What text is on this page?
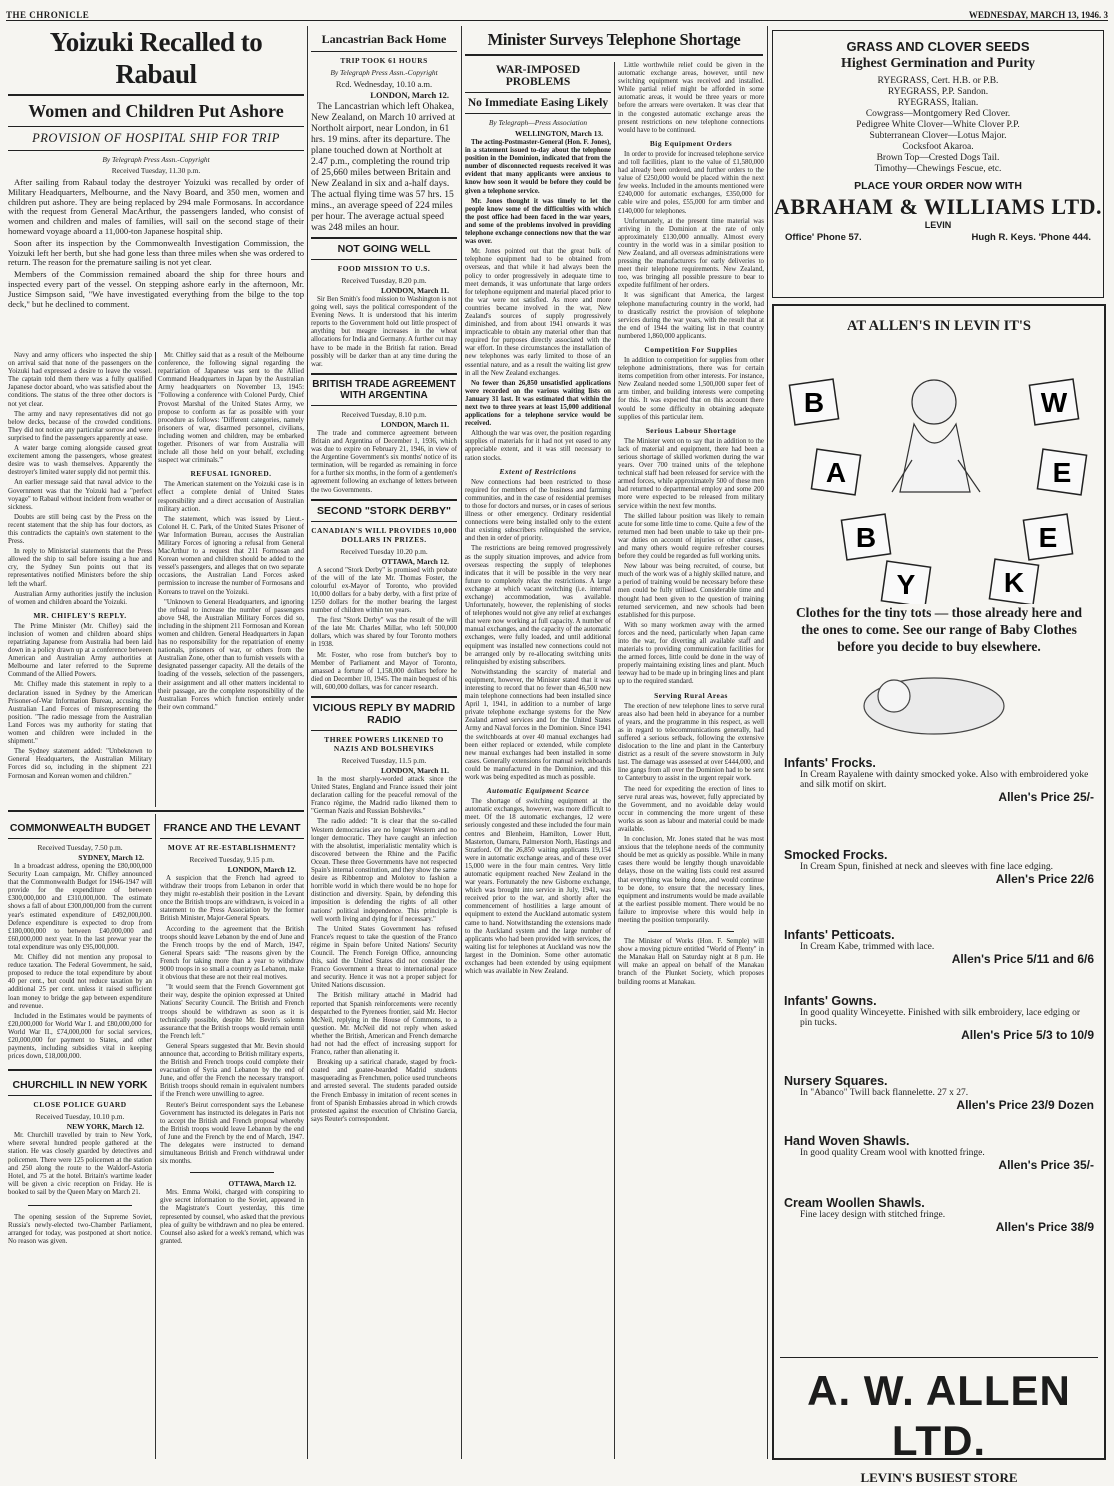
THE CHRONICLE	WEDNESDAY, MARCH 13, 1946. 3
Yoizuki Recalled to Rabaul
Women and Children Put Ashore
PROVISION OF HOSPITAL SHIP FOR TRIP
By Telegraph Press Assn.-Copyright
Received Tuesday, 11.30 p.m.

After sailing from Rabaul today the destroyer Yoizuki was recalled by order of Military Headquarters, Melbourne, and the Navy Board, and 350 men, women and children put ashore. They are being replaced by 294 male Formosans. In accordance with the request from General MacArthur, the passengers landed, who consist of women and children and males of families, will sail on the second stage of their homeward voyage aboard a 11,000-ton Japanese hospital ship.

Soon after its inspection by the Commonwealth Investigation Commission, the Yoizuki left her berth, but she had gone less than three miles when she was ordered to return. The reason for the premature sailing is not yet clear.

Members of the Commission remained aboard the ship for three hours and inspected every part of the vessel. On stepping ashore early in the afternoon, Mr. Justice Simpson said, "We have investigated everything from the bilge to the top deck," but he declined to comment.

Navy and army officers who inspected the ship on arrival said that none of the passengers on the Yoizuki had expressed a desire to leave the vessel. The captain told them there was a fully qualified Japanese doctor aboard, who was satisfied about the conditions. The status of the three other doctors is not yet clear.

The army and navy representatives did not go below decks, because of the crowded conditions. They did not notice any particular sorrow and were surprised to find the passengers apparently at ease.

A water barge coming alongside caused great excitement among the passengers, whose greatest desire was to wash themselves. Apparently the destroyer's limited water supply did not permit this.

An earlier message said that naval advice to the Government was that the Yoizuki had a "perfect voyage" to Rabaul without incident from weather or sickness.

Doubts are still being cast by the Press on the recent statement that the ship has four doctors, as this contradicts the captain's own statement to the Press.

In reply to Ministerial statements that the Press allowed the ship to sail before issuing a hue and cry, the Sydney Sun points out that its representatives notified Ministers before the ship left the wharf.

Australian Army authorities justify the inclusion of women and children aboard the Yoizuki.

MR. CHIFLEY'S REPLY.

The Prime Minister (Mr. Chifley) said the inclusion of women and children aboard ships repatriating Japanese from Australia had been laid down in a policy drawn up at a conference between American and Australian Army authorities at Melbourne and later referred to the Supreme Command of the Allied Powers.

Mr. Chifley made this statement in reply to a declaration issued in Sydney by the American Prisoner-of-War Information Bureau, accusing the Australian Land Forces of misrepresenting the position. "The radio message from the Australian Land Forces was my authority for stating that women and children were included in the shipment."

The Sydney statement added: "Unbeknown to General Headquarters, the Australian Military Forces did so, including in the shipment 221 Formosan and Korean women and children."

Mr. Chifley said that as a result of the Melbourne conference, the following signal regarding the repatriation of Japanese was sent to the Allied Command Headquarters in Japan by the Australian Army headquarters on November 13, 1945: "Following a conference with Colonel Purdy, Chief Provost Marshal of the United States Army, we propose to conform as far as possible with your procedure as follows: 'Different categories, namely prisoners of war, disarmed personnel, civilians, including women and children, may be embarked together. Prisoners of war from Australia will include all those held on your behalf, excluding suspect war criminals.'"

REFUSAL IGNORED.

The American statement on the Yoizuki case is in effect a complete denial of United States responsibility and a direct accusation of Australian military action.

The statement, which was issued by Lieut.-Colonel H. C. Park, of the United States Prisoner of War Information Bureau, accuses the Australian Military Forces of ignoring a refusal from General MacArthur to a request that 211 Formosan and Korean women and children should be added to the vessel's passengers, and alleges that on two separate occasions, the Australian Land Forces asked permission to increase the number of Formosans and Koreans to travel on the Yoizuki.

"Unknown to General Headquarters, and ignoring the refusal to increase the number of passengers above 948, the Australian Military Forces did so, including in the shipment 211 Formosan and Korean women and children. General Headquarters in Japan has no responsibility for the repatriation of enemy nationals, prisoners of war, or others from the Australian Zone, other than to furnish vessels with a designated passenger capacity. All the details of the loading of the vessels, selection of the passengers, their assignment and all other matters incidental to their passage, are the complete responsibility of the Australian Forces which function entirely under their own command."

COMMONWEALTH BUDGET
Received Tuesday, 7.50 p.m.
SYDNEY, March 12.

In a broadcast address, opening the £80,000,000 Security Loan campaign, Mr. Chifley announced that the Commonwealth Budget for 1946-1947 will provide for the expenditure of between £300,000,000 and £310,000,000. The estimate shows a fall of about £300,000,000 from the current year's estimated expenditure of £492,000,000. Defence expenditure is expected to drop from £180,000,000 to between £40,000,000 and £60,000,000 next year. In the last prewar year the total expenditure was only £95,000,000.

Mr. Chifley did not mention any proposal to reduce taxation. The Federal Government, he said, proposed to reduce the total expenditure by about 40 per cent., but could not reduce taxation by an additional 25 per cent. unless it raised sufficient loan money to bridge the gap between expenditure and revenue.

Included in the Estimates would be payments of £20,000,000 for World War I. and £80,000,000 for World War II., £74,000,000 for social services, £20,000,000 for payment to States, and other payments, including subsidies vital in keeping prices down, £18,000,000.

CHURCHILL IN NEW YORK
CLOSE POLICE GUARD
Received Tuesday, 10.10 p.m.
NEW YORK, March 12.

Mr. Churchill travelled by train to New York, where several hundred people gathered at the station. He was closely guarded by detectives and policemen. There were 125 policemen at the station and 250 along the route to the Waldorf-Astoria Hotel, and 75 at the hotel. Britain's wartime leader will be given a civic reception on Friday. He is booked to sail by the Queen Mary on March 21.

The opening session of the Supreme Soviet, Russia's newly-elected two-Chamber Parliament, arranged for today, was postponed at short notice. No reason was given.

FRANCE AND THE LEVANT
MOVE AT RE-ESTABLISHMENT?
Received Tuesday, 9.15 p.m.
LONDON, March 12.

A suspicion that the French had agreed to withdraw their troops from Lebanon in order that they might re-establish their position in the Levant once the British troops are withdrawn, is voiced in a statement to the Press Association by the former British Minister, Major-General Spears.

According to the agreement that the British troops should leave Lebanon by the end of June and the French troops by the end of March, 1947, General Spears said: "The reasons given by the French for taking more than a year to withdraw 9000 troops in so small a country as Lebanon, make it obvious that these are not their real motives.

"It would seem that the French Government got their way, despite the opinion expressed at United Nations' Security Council. The British and French troops should be withdrawn as soon as it is technically possible, despite Mr. Bevin's solemn assurance that the British troops would remain until the French left."

General Spears suggested that Mr. Bevin should announce that, according to British military experts, the British and French troops could complete their evacuation of Syria and Lebanon by the end of June, and offer the French the necessary transport. British troops should remain in equivalent numbers if the French were unwilling to agree.

Reuter's Beirut correspondent says the Lebanese Government has instructed its delegates in Paris not to accept the British and French proposal whereby the British troops would leave Lebanon by the end of June and the French by the end of March, 1947. The delegates were instructed to demand simultaneous British and French withdrawal under six months.

OTTAWA, March 12.

Mrs. Emma Woiki, charged with conspiring to give secret information to the Soviet, appeared in the Magistrate's Court yesterday, this time represented by counsel, who asked that the previous plea of guilty be withdrawn and no plea be entered. Counsel also asked for a week's remand, which was granted.

Lancastrian Back Home
TRIP TOOK 61 HOURS
By Telegraph Press Assn.-Copyright
Rcd. Wednesday, 10.10 a.m.
LONDON, March 12.

The Lancastrian which left Ohakea, New Zealand, on March 10 arrived at Northolt airport, near London, in 61 hrs. 19 mins. after its departure. The plane touched down at Northolt at 2.47 p.m., completing the round trip of 25,660 miles between Britain and New Zealand in six and a-half days. The actual flying time was 57 hrs. 15 mins., an average speed of 224 miles per hour. The average actual speed was 248 miles an hour.

NOT GOING WELL
FOOD MISSION TO U.S.
Received Tuesday, 8.20 p.m.
LONDON, March 11.

Sir Ben Smith's food mission to Washington is not going well, says the political correspondent of the Evening News. It is understood that his interim reports to the Government hold out little prospect of anything but meagre increases in the wheat allocations for India and Germany. A further cut may have to be made in the British fat ration. Bread possibly will be darker than at any time during the war.

BRITISH TRADE AGREEMENT WITH ARGENTINA
Received Tuesday, 8.10 p.m.
LONDON, March 11.

The trade and commerce agreement between Britain and Argentina of December 1, 1936, which was due to expire on February 21, 1946, in view of the Argentine Government's six months' notice of its termination, will be regarded as remaining in force for a further six months, in the form of a gentlemen's agreement following an exchange of letters between the two Governments.

SECOND "STORK DERBY"
CANADIAN'S WILL PROVIDES 10,000 DOLLARS IN PRIZES.
Received Tuesday 10.20 p.m.
OTTAWA, March 12.

A second "Stork Derby" is promised with probate of the will of the late Mr. Thomas Foster, the colourful ex-Mayor of Toronto, who provided 10,000 dollars for a baby derby, with a first prize of 1250 dollars for the mother bearing the largest number of children within ten years.

The first "Stork Derby" was the result of the will of the late Mr. Charles Millar, who left 500,000 dollars, which was shared by four Toronto mothers in 1938.

Mr. Foster, who rose from butcher's boy to Member of Parliament and Mayor of Toronto, amassed a fortune of 1,158,000 dollars before he died on December 10, 1945. The main bequest of his will, 600,000 dollars, was for cancer research.

VICIOUS REPLY BY MADRID RADIO
THREE POWERS LIKENED TO NAZIS AND BOLSHEVIKS
Received Tuesday, 11.5 p.m.
LONDON, March 11.

In the most sharply-worded attack since the United States, England and France issued their joint declaration calling for the peaceful removal of the Franco régime, the Madrid radio likened them to "German Nazis and Russian Bolsheviks."

The radio added: "It is clear that the so-called Western democracies are no longer Western and no longer democratic. They have caught an infection with the absolutist, imperialistic mentality which is discovered between the Rhine and the Pacific Ocean. These three Governments have not respected Spain's internal constitution, and they show the same desire as Ribbentrop and Molotov to fashion a horrible world in which there would be no hope for distinction and diversity. Spain, by defending this imposition is defending the rights of all other nations' political independence. This principle is well worth living and dying for if necessary."

The United States Government has refused France's request to take the question of the Franco régime in Spain before United Nations' Security Council. The French Foreign Office, announcing this, said the United States did not consider the Franco Government a threat to international peace and security. Hence it was not a proper subject for United Nations discussion.

The British military attaché in Madrid had reported that Spanish reinforcements were recently despatched to the Pyrenees frontier, said Mr. Hector McNeil, replying in the House of Commons, to a question. Mr. McNeil did not reply when asked whether the British, American and French demarche had not had the effect of increasing support for Franco, rather than alienating it.

Breaking up a satirical charade, staged by frock-coated and goatee-bearded Madrid students masquerading as Frenchmen, police used truncheons and arrested several. The students paraded outside the French Embassy in imitation of recent scenes in front of Spanish Embassies abroad in which crowds protested against the execution of Christino Garcia, says Reuter's correspondent.

Minister Surveys Telephone Shortage
WAR-IMPOSED PROBLEMS
No Immediate Easing Likely
By Telegraph—Press Association
WELLINGTON, March 13.

The acting-Postmaster-General (Hon. F. Jones), in a statement issued to-day about the telephone position in the Dominion, indicated that from the number of disconnected requests received it was evident that many applicants were anxious to know how soon it would be before they could be given a telephone service.

Mr. Jones thought it was timely to let the people know some of the difficulties with which the post office had been faced in the war years, and some of the problems involved in providing telephone exchange connections now that the war was over.

Mr. Jones pointed out that the great bulk of telephone equipment had to be obtained from overseas, and that while it had always been the policy to order progressively in adequate time to meet demands, it was unfortunate that large orders for telephone equipment and material placed prior to the war were not satisfied. As more and more countries became involved in the war, New Zealand's sources of supply progressively diminished, and from about 1941 onwards it was impracticable to obtain any material other than that required for purposes directly associated with the war effort. In these circumstances the installation of new telephones was early limited to those of an essential nature, and as a result the waiting list grew in all the New Zealand exchanges.

No fewer than 26,850 unsatisfied applications were recorded on the various waiting lists on January 31 last. It was estimated that within the next two to three years at least 15,000 additional applications for a telephone service would be received.

Although the war was over, the position regarding supplies of materials for it had not yet eased to any appreciable extent, and it was still necessary to ration stocks.

Extent of Restrictions

New connections had been restricted to those required for members of the business and farming communities, and in the case of residential premises to those for doctors and nurses, or in cases of serious illness or other emergency. Ordinary residential connections were being installed only to the extent that existing subscribers relinquished the service, and then in order of priority.

The restrictions are being removed progressively as the supply situation improves, and advice from overseas respecting the supply of telephones indicates that it will be possible in the very near future to completely relax the restrictions. A large exchange at which vacant switching (i.e. internal exchange) accommodation, was available. Unfortunately, however, the replenishing of stocks of telephones would not give any relief at exchanges that were now working at full capacity. A number of manual exchanges, and the capacity of the automatic exchanges, were fully loaded, and until additional equipment was installed new connections could not be arranged only by re-allocating switching units relinquished by existing subscribers.

Notwithstanding the scarcity of material and equipment, however, the Minister stated that it was interesting to record that no fewer than 46,500 new main telephone connections had been installed since April 1, 1941, in addition to a number of large private telephone exchange systems for the New Zealand armed services and for the United States Army and Naval forces in the Dominion. Since 1941 the switchboards at over 40 manual exchanges had been either replaced or extended, while complete new manual exchanges had been installed in some cases. Generally extensions for manual switchboards could be manufactured in the Dominion, and this work was being expedited as much as possible.

Automatic Equipment Scarce

The shortage of switching equipment at the automatic exchanges, however, was more difficult to meet. Of the 18 automatic exchanges, 12 were seriously congested and these included the four main centres and Blenheim, Hamilton, Lower Hutt, Masterton, Oamaru, Palmerston North, Hastings and Stratford. Of the 26,850 waiting applicants 19,154 were in automatic exchange areas, and of these over 15,000 were in the four main centres. Very little automatic equipment reached New Zealand in the war years. Fortunately the new Gisborne exchange, which was brought into service in July, 1941, was received prior to the war, and shortly after the commencement of hostilities a large amount of equipment to extend the Auckland automatic system came to hand. Notwithstanding the extensions made to the Auckland system and the large number of applicants who had been provided with services, the waiting list for telephones at Auckland was now the largest in the Dominion. Some other automatic exchanges had been extended by using equipment which was available in New Zealand.

Little worthwhile relief could be given in the automatic exchange areas, however, until new switching equipment was received and installed. While partial relief might be afforded in some automatic areas, it would be three years or more before the arrears were overtaken. It was clear that in the congested automatic exchange areas the present restrictions on new telephone connections would have to be continued.

Big Equipment Orders

In order to provide for increased telephone service and toll facilities, plant to the value of £1,580,000 had already been ordered, and further orders to the value of £250,000 would be placed within the next few weeks. Included in the amounts mentioned were £240,000 for automatic exchanges, £350,000 for cable wire and poles, £55,000 for arm timber and £140,000 for telephones.

Unfortunately, at the present time material was arriving in the Dominion at the rate of only approximately £130,000 annually. Almost every country in the world was in a similar position to New Zealand, and all overseas administrations were pressing the manufacturers for early deliveries to meet their telephone requirements. New Zealand, too, was bringing all possible pressure to bear to expedite fulfilment of her orders.

It was significant that America, the largest telephone manufacturing country in the world, had to drastically restrict the provision of telephone services during the war years, with the result that at the end of 1944 the waiting list in that country numbered 1,860,000 applicants.

Competition For Supplies

In addition to competition for supplies from other telephone administrations, there was for certain items competition from other interests. For instance, New Zealand needed some 1,500,000 super feet of arm timber, and building interests were competing for this. It was expected that on this account there would be some difficulty in obtaining adequate supplies of this particular item.

Serious Labour Shortage

The Minister went on to say that in addition to the lack of material and equipment, there had been a serious shortage of skilled workmen during the war years. Over 700 trained units of the telephone technical staff had been released for service with the armed forces, while approximately 500 of these men had returned to departmental employ and some 200 more were expected to be released from military service within the next few months.

The skilled labour position was likely to remain acute for some little time to come. Quite a few of the returned men had been unable to take up their pre-war duties on account of injuries or other causes, and many others would require refresher courses before they could be regarded as full working units.

New labour was being recruited, of course, but much of the work was of a highly skilled nature, and a period of training would be necessary before these men could be fully utilised. Considerable time and thought had been given to the question of training returned servicemen, and new schools had been established for this purpose.

With so many workmen away with the armed forces and the need, particularly when Japan came into the war, for diverting all available staff and materials to providing communication facilities for the armed forces, little could be done in the way of properly maintaining existing lines and plant. Much leeway had to be made up in bringing lines and plant up to the required standard.

Serving Rural Areas

The erection of new telephone lines to serve rural areas also had been held in abeyance for a number of years, and the programme in this respect, as well as in regard to telecommunications generally, had suffered a serious setback, following the extensive dislocation to the line and plant in the Canterbury district as a result of the severe snowstorm in July last. The damage was assessed at over £444,000, and line gangs from all over the Dominion had to be sent to Canterbury to assist in the urgent repair work.

The need for expediting the erection of lines to serve rural areas was, however, fully appreciated by the Government, and no avoidable delay would occur in commencing the more urgent of these works as soon as labour and material could be made available.

In conclusion, Mr. Jones stated that he was most anxious that the telephone needs of the community should be met as quickly as possible. While in many cases there would be lengthy though unavoidable delays, those on the waiting lists could rest assured that everything was being done, and would continue to be done, to ensure that the necessary lines, equipment and instruments would be made available at the earliest possible moment. There would be no failure to improvise where this would help in meeting the position temporarily.

The Minister of Works (Hon. F. Semple) will show a moving picture entitled "World of Plenty" in the Manakau Hall on Saturday night at 8 p.m. He will make an appeal on behalf of the Manakau branch of the Plunket Society, which proposes building rooms at Manakau.

GRASS AND CLOVER SEEDS
Highest Germination and Purity
RYEGRASS, Cert. H.B. or P.B.
RYEGRASS, P.P. Sandon.
RYEGRASS, Italian.
Cowgrass—Montgomery Red Clover.
Pedigree White Clover—White Clover P.P.
Subterranean Clover—Lotus Major.
Cocksfoot Akaroa.
Brown Top—Crested Dogs Tail.
Timothy—Chewings Fescue, etc.
PLACE YOUR ORDER NOW WITH
ABRAHAM & WILLIAMS LTD.
LEVIN
Office' Phone 57.	Hugh R. Keys. 'Phone 444.
AT ALLEN'S IN LEVIN IT'S
B
A
B
Y
W
E
E
K
Clothes for the tiny tots — those already here and the ones to come. See our range of Baby Clothes before you decide to buy elsewhere.
Infants' Frocks.
In Cream Rayalene with dainty smocked yoke. Also with embroidered yoke and silk motif on skirt.
Allen's Price 25/-
Smocked Frocks.
In Cream Spun, finished at neck and sleeves with fine lace edging.
Allen's Price 22/6
Infants' Petticoats.
In Cream Kabe, trimmed with lace.
Allen's Price 5/11 and 6/6
Infants' Gowns.
In good quality Winceyette. Finished with silk embroidery, lace edging or pin tucks.
Allen's Price 5/3 to 10/9
Nursery Squares.
In "Abanco" Twill back flannelette. 27 x 27.
Allen's Price 23/9 Dozen
Hand Woven Shawls.
In good quality Cream wool with knotted fringe.
Allen's Price 35/-
Cream Woollen Shawls.
Fine lacey design with stitched fringe.
Allen's Price 38/9
A. W. ALLEN LTD.
LEVIN'S BUSIEST STORE
